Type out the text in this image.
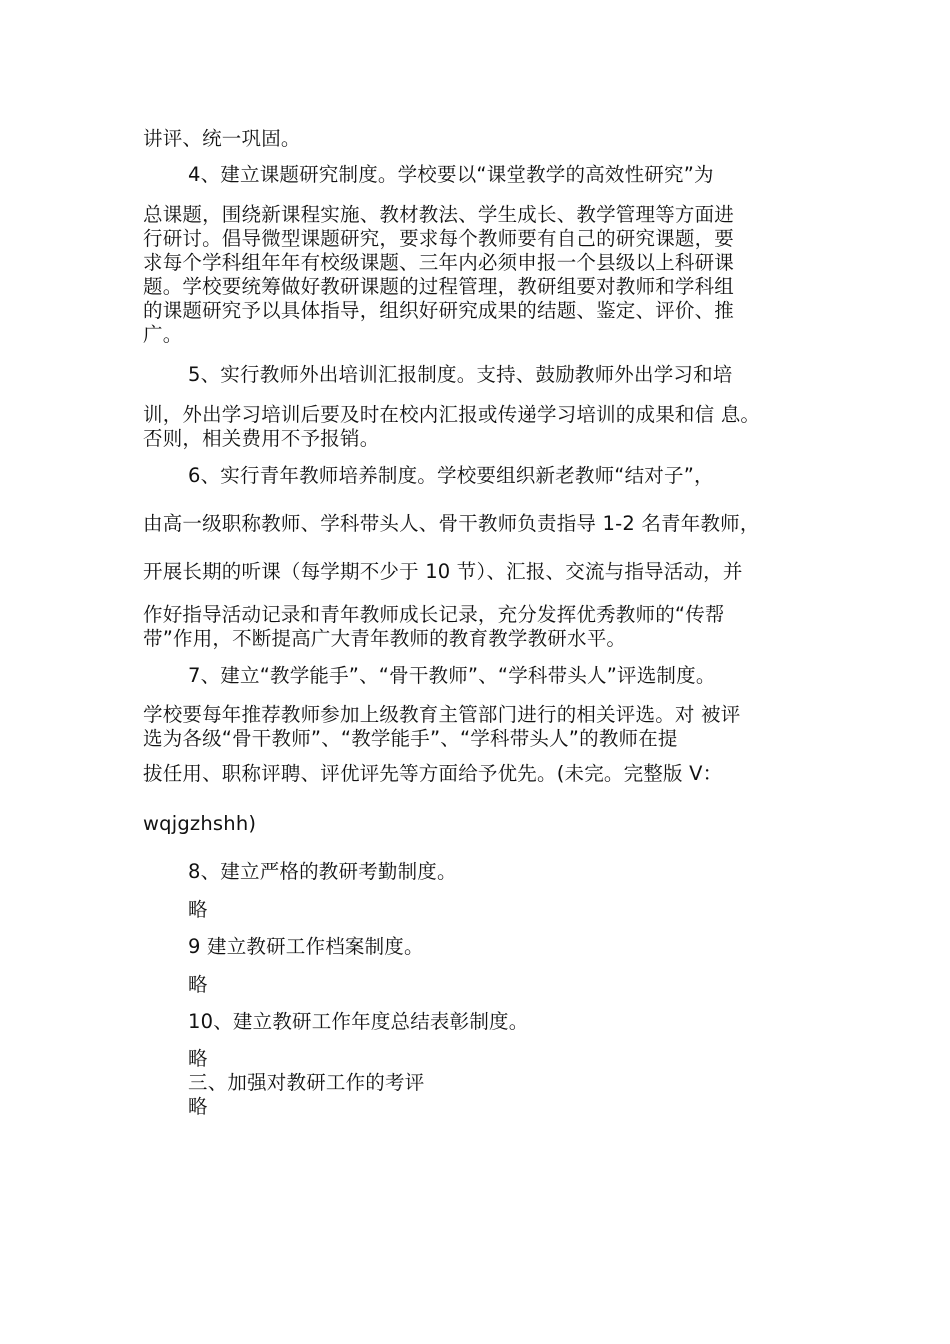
讲评、统一巩固。
4、建立课题研究制度。学校要以“课堂教学的高效性研究”为
总课题，围绕新课程实施、教材教法、学生成长、教学管理等方面进
行研讨。倡导微型课题研究，要求每个教师要有自己的研究课题，要
求每个学科组年年有校级课题、三年内必须申报一个县级以上科研课
题。学校要统筹做好教研课题的过程管理，教研组要对教师和学科组
的课题研究予以具体指导，组织好研究成果的结题、鉴定、评价、推
广。
5、实行教师外出培训汇报制度。支持、鼓励教师外出学习和培
训，外出学习培训后要及时在校内汇报或传递学习培训的成果和信 息。
否则，相关费用不予报销。
6、实行青年教师培养制度。学校要组织新老教师“结对子”，
由高一级职称教师、学科带头人、骨干教师负责指导 1-2 名青年教师，
开展长期的听课（每学期不少于 10 节）、汇报、交流与指导活动，并
作好指导活动记录和青年教师成长记录，充分发挥优秀教师的“传帮
带”作用，不断提高广大青年教师的教育教学教研水平。
7、建立“教学能手”、“骨干教师”、“学科带头人”评选制度。
学校要每年推荐教师参加上级教育主管部门进行的相关评选。对 被评
选为各级“骨干教师”、“教学能手”、“学科带头人”的教师在提
拔任用、职称评聘、评优评先等方面给予优先。(未完。完整版 V：
wqjgzhshh)
8、建立严格的教研考勤制度。
略
9 建立教研工作档案制度。
略
10、建立教研工作年度总结表彰制度。
略
三、加强对教研工作的考评
略
